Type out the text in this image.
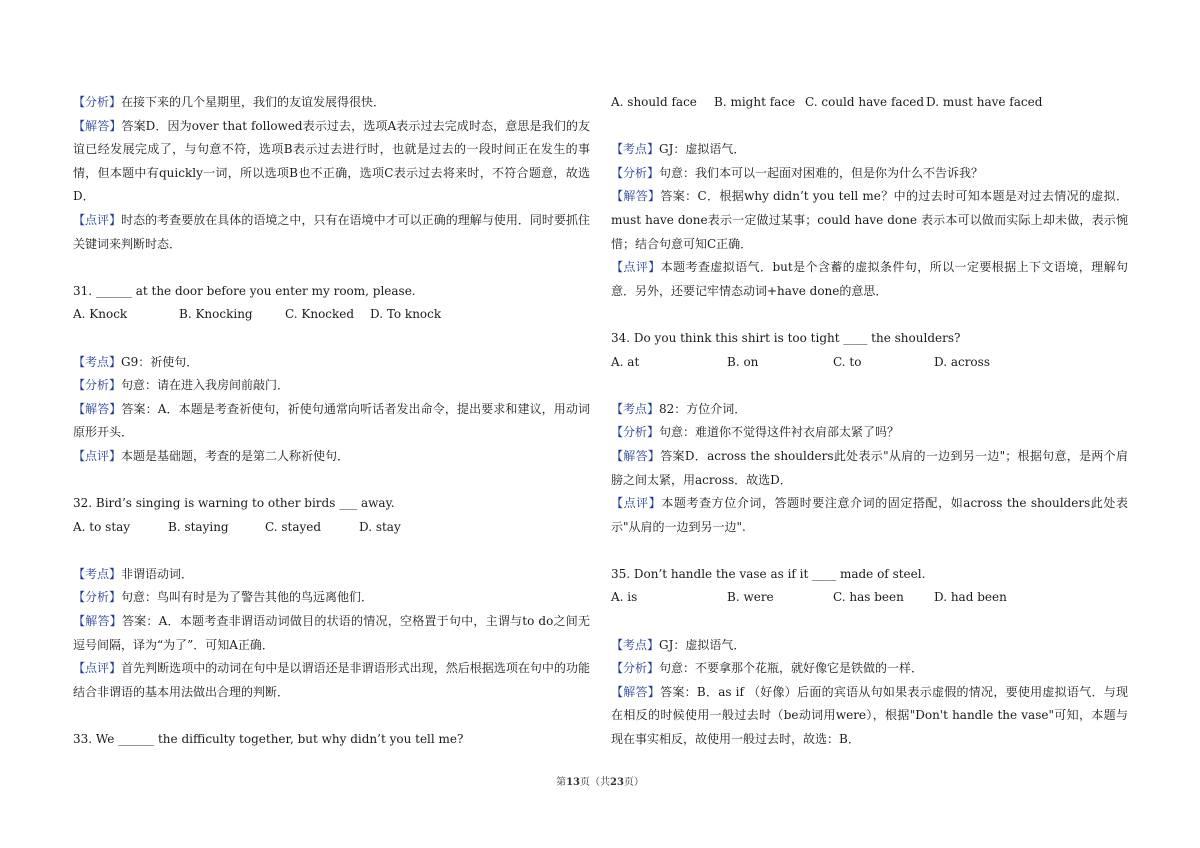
【分析】在接下来的几个星期里，我们的友谊发展得很快．
【解答】答案D．因为over that followed表示过去，选项A表示过去完成时态，意思是我们的友谊已经发展完成了，与句意不符，选项B表示过去进行时，也就是过去的一段时间正在发生的事情，但本题中有quickly一词，所以选项B也不正确，选项C表示过去将来时，不符合题意，故选D．
【点评】时态的考查要放在具体的语境之中，只有在语境中才可以正确的理解与使用．同时要抓住关键词来判断时态．
31. ______ at the door before you enter my room, please.
A. Knock	B. Knocking	C. Knocked	D. To knock
【考点】G9：祈使句．
【分析】句意：请在进入我房间前敲门．
【解答】答案：A．本题是考查祈使句，祈使句通常向听话者发出命令，提出要求和建议，用动词原形开头．
【点评】本题是基础题，考查的是第二人称祈使句．
32. Bird’s singing is warning to other birds ___ away.
A. to stay	B. staying	C. stayed	D. stay
【考点】非谓语动词．
【分析】句意：鸟叫有时是为了警告其他的鸟远离他们．
【解答】答案：A．本题考查非谓语动词做目的状语的情况，空格置于句中，主谓与to do之间无逗号间隔，译为“为了”．可知A正确．
【点评】首先判断选项中的动词在句中是以谓语还是非谓语形式出现，然后根据选项在句中的功能结合非谓语的基本用法做出合理的判断．
33. We ______ the difficulty together, but why didn’t you tell me?
A. should face	B. might face C. could have faced D. must have faced
【考点】GJ：虚拟语气．
【分析】句意：我们本可以一起面对困难的，但是你为什么不告诉我？
【解答】答案：C．根据why didn’t you tell me？中的过去时可知本题是对过去情况的虚拟．must have done表示一定做过某事；could have done 表示本可以做而实际上却未做，表示惋惜；结合句意可知C正确．
【点评】本题考查虚拟语气．but是个含蓄的虚拟条件句，所以一定要根据上下文语境，理解句意．另外，还要记牢情态动词+have done的意思．
34. Do you think this shirt is too tight ____ the shoulders?
A. at	B. on	C. to	D. across
【考点】82：方位介词．
【分析】句意：难道你不觉得这件衬衣肩部太紧了吗？
【解答】答案D．across the shoulders此处表示"从肩的一边到另一边"；根据句意，是两个肩膀之间太紧，用across．故选D．
【点评】本题考查方位介词，答题时要注意介词的固定搭配，如across the shoulders此处表示"从肩的一边到另一边".
35. Don’t handle the vase as if it ____ made of steel.
A. is	B. were	C. has been	D. had been
【考点】GJ：虚拟语气．
【分析】句意：不要拿那个花瓶，就好像它是铁做的一样．
【解答】答案：B．as if （好像）后面的宾语从句如果表示虚假的情况，要使用虚拟语气．与现在相反的时候使用一般过去时（be动词用were），根据"Don't handle the vase"可知，本题与现在事实相反，故使用一般过去时，故选：B．
第13页（共23页）
